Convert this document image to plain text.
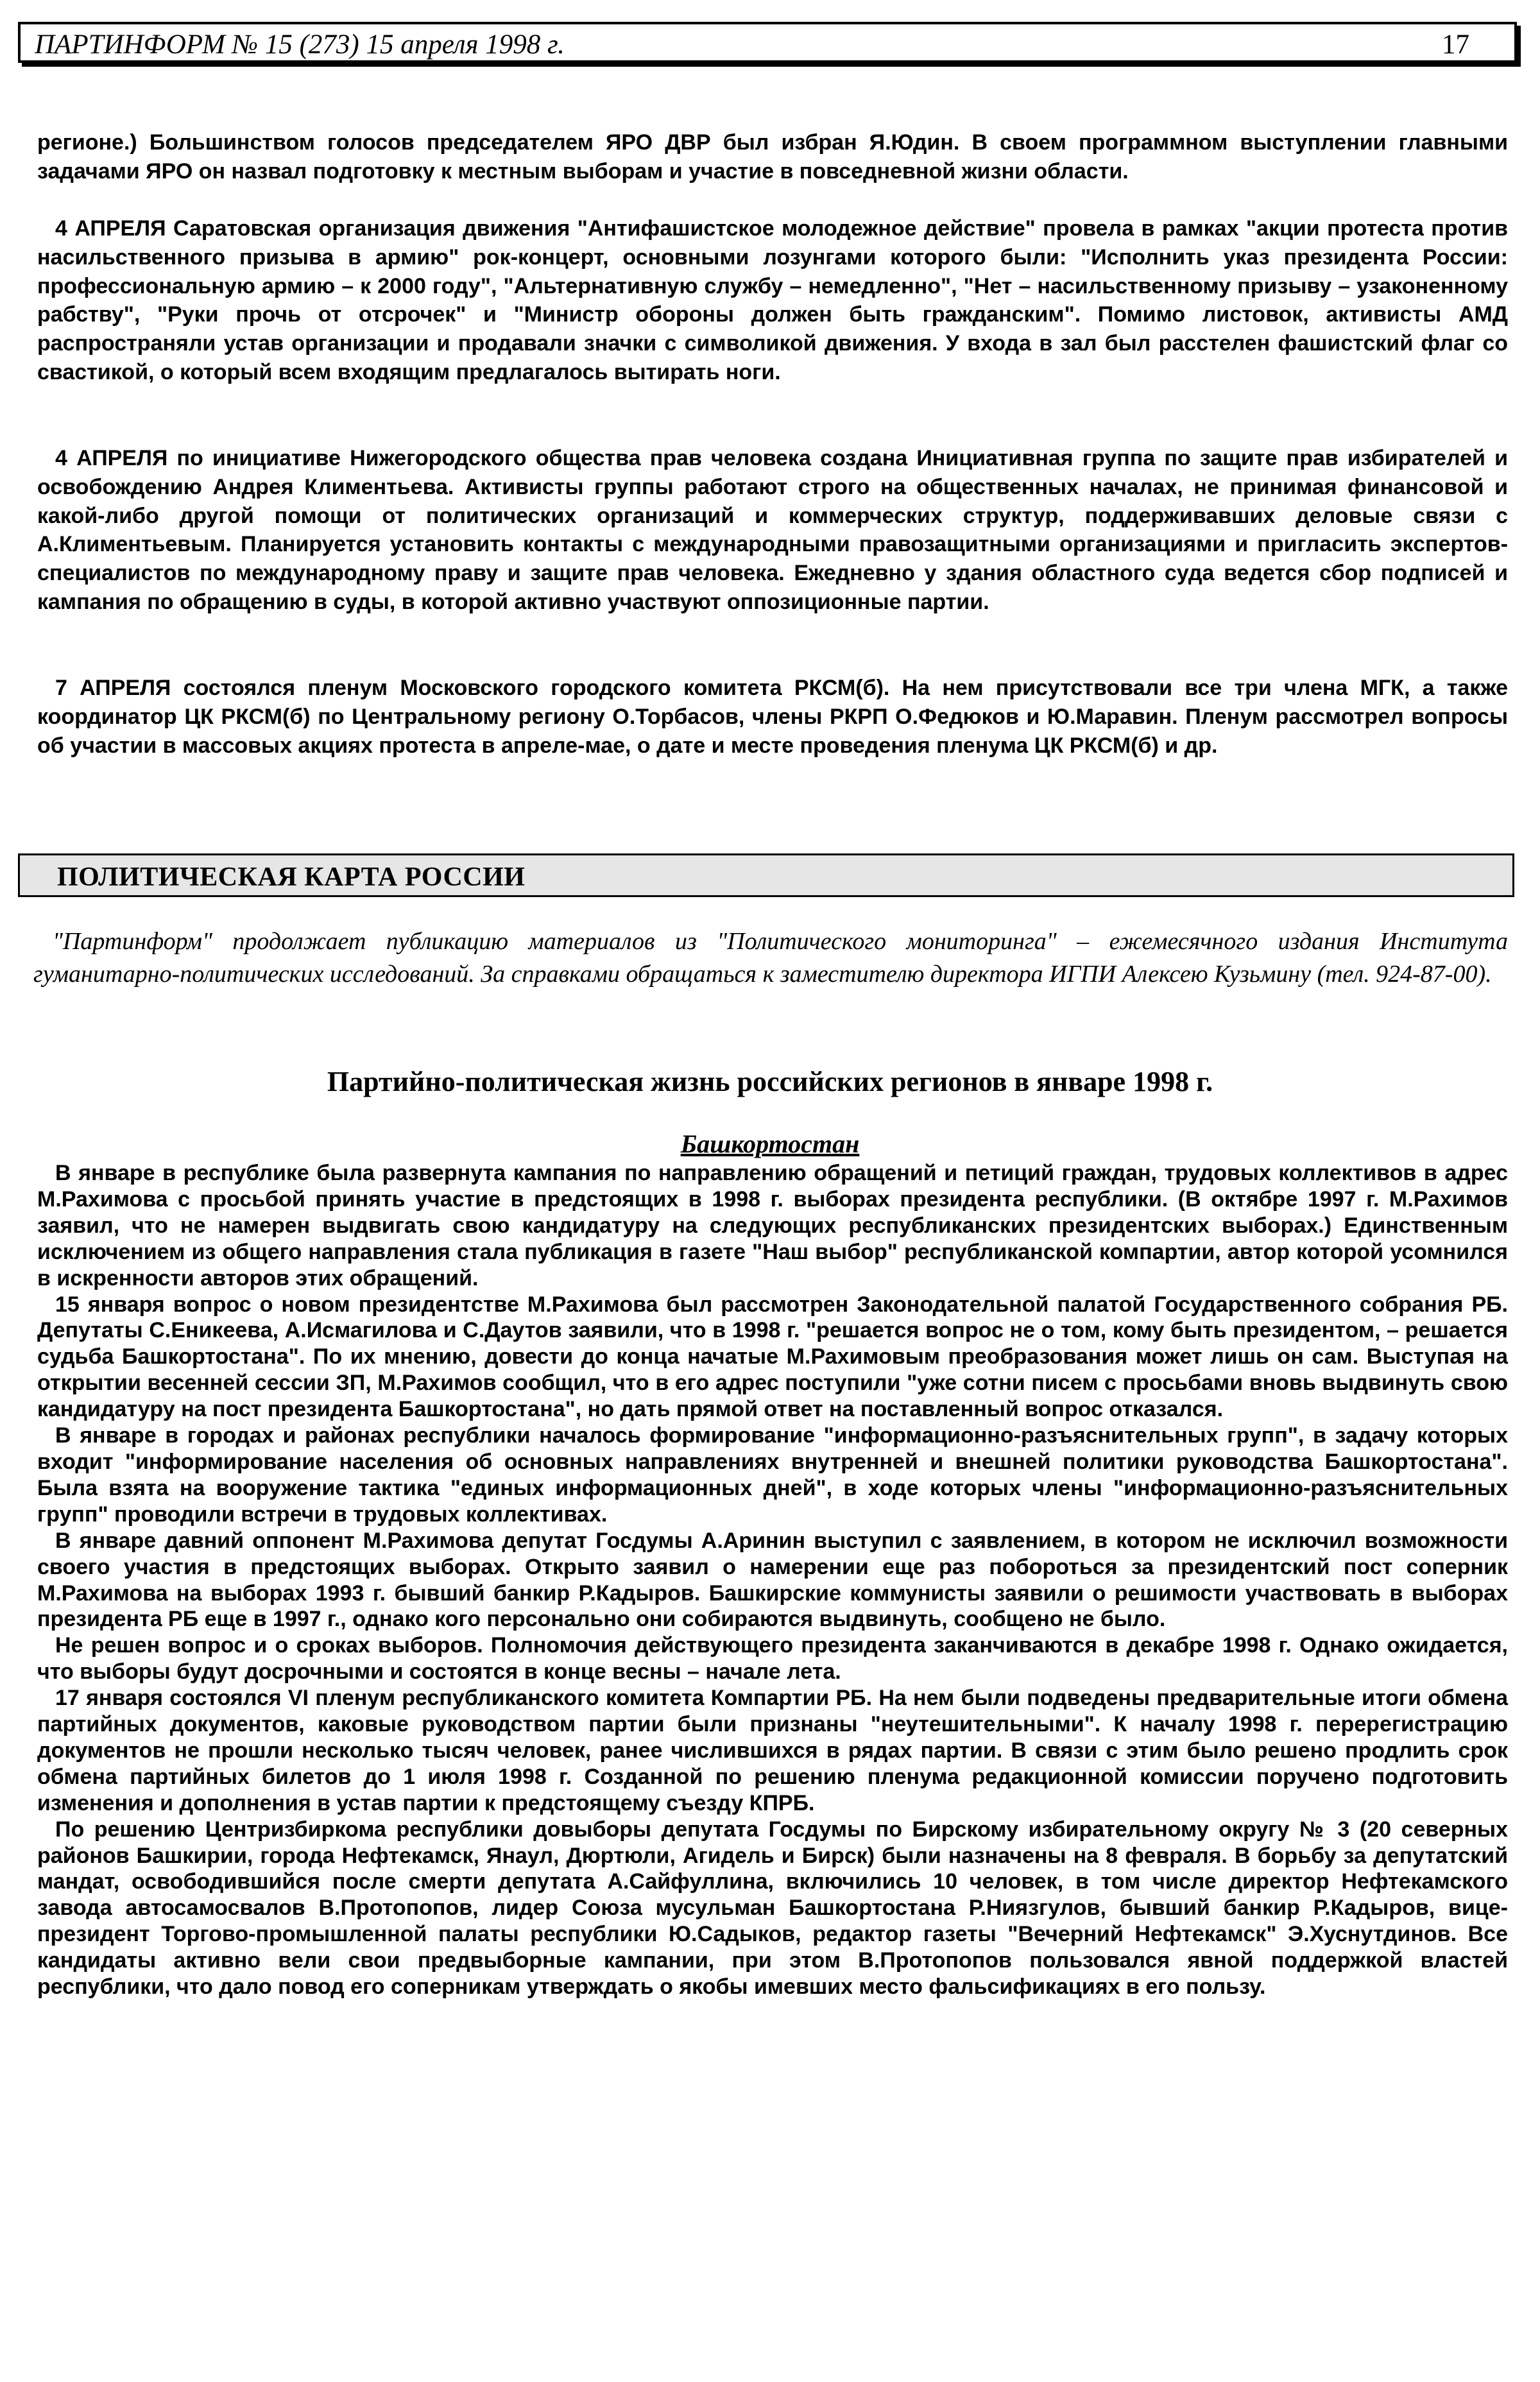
ПАРТИНФОРМ № 15 (273) 15 апреля 1998 г.	17

регионе.) Большинством голосов председателем ЯРО ДВР был избран Я.Юдин. В своем программном выступлении главными задачами ЯРО он назвал подготовку к местным выборам и участие в повседневной жизни области.

4 АПРЕЛЯ Саратовская организация движения "Антифашистское молодежное действие" провела в рамках "акции протеста против насильственного призыва в армию" рок-концерт, основными лозунгами которого были: "Исполнить указ президента России: профессиональную армию – к 2000 году", "Альтернативную службу – немедленно", "Нет – насильственному призыву – узаконенному рабству", "Руки прочь от отсрочек" и "Министр обороны должен быть гражданским". Помимо листовок, активисты АМД распространяли устав организации и продавали значки с символикой движения. У входа в зал был расстелен фашистский флаг со свастикой, о который всем входящим предлагалось вытирать ноги.

4 АПРЕЛЯ по инициативе Нижегородского общества прав человека создана Инициативная группа по защите прав избирателей и освобождению Андрея Климентьева. Активисты группы работают строго на общественных началах, не принимая финансовой и какой-либо другой помощи от политических организаций и коммерческих структур, поддерживавших деловые связи с А.Климентьевым. Планируется установить контакты с международными правозащитными организациями и пригласить экспертов-специалистов по международному праву и защите прав человека. Ежедневно у здания областного суда ведется сбор подписей и кампания по обращению в суды, в которой активно участвуют оппозиционные партии.

7 АПРЕЛЯ состоялся пленум Московского городского комитета РКСМ(б). На нем присутствовали все три члена МГК, а также координатор ЦК РКСМ(б) по Центральному региону О.Торбасов, члены РКРП О.Федюков и Ю.Маравин. Пленум рассмотрел вопросы об участии в массовых акциях протеста в апреле-мае, о дате и месте проведения пленума ЦК РКСМ(б) и др.

ПОЛИТИЧЕСКАЯ КАРТА РОССИИ

"Партинформ" продолжает публикацию материалов из "Политического мониторинга" – ежемесячного издания Института гуманитарно-политических исследований. За справками обращаться к заместителю директора ИГПИ Алексею Кузьмину (тел. 924-87-00).

Партийно-политическая жизнь российских регионов в январе 1998 г.
Башкортостан

В январе в республике была развернута кампания по направлению обращений и петиций граждан, трудовых коллективов в адрес М.Рахимова с просьбой принять участие в предстоящих в 1998 г. выборах президента республики. (В октябре 1997 г. М.Рахимов заявил, что не намерен выдвигать свою кандидатуру на следующих республиканских президентских выборах.) Единственным исключением из общего направления стала публикация в газете "Наш выбор" республиканской компартии, автор которой усомнился в искренности авторов этих обращений.

15 января вопрос о новом президентстве М.Рахимова был рассмотрен Законодательной палатой Государственного собрания РБ. Депутаты С.Еникеева, А.Исмагилова и С.Даутов заявили, что в 1998 г. "решается вопрос не о том, кому быть президентом, – решается судьба Башкортостана". По их мнению, довести до конца начатые М.Рахимовым преобразования может лишь он сам. Выступая на открытии весенней сессии ЗП, М.Рахимов сообщил, что в его адрес поступили "уже сотни писем с просьбами вновь выдвинуть свою кандидатуру на пост президента Башкортостана", но дать прямой ответ на поставленный вопрос отказался.

В январе в городах и районах республики началось формирование "информационно-разъяснительных групп", в задачу которых входит "информирование населения об основных направлениях внутренней и внешней политики руководства Башкортостана". Была взята на вооружение тактика "единых информационных дней", в ходе которых члены "информационно-разъяснительных групп" проводили встречи в трудовых коллективах.

В январе давний оппонент М.Рахимова депутат Госдумы А.Аринин выступил с заявлением, в котором не исключил возможности своего участия в предстоящих выборах. Открыто заявил о намерении еще раз побороться за президентский пост соперник М.Рахимова на выборах 1993 г. бывший банкир Р.Кадыров. Башкирские коммунисты заявили о решимости участвовать в выборах президента РБ еще в 1997 г., однако кого персонально они собираются выдвинуть, сообщено не было.

Не решен вопрос и о сроках выборов. Полномочия действующего президента заканчиваются в декабре 1998 г. Однако ожидается, что выборы будут досрочными и состоятся в конце весны – начале лета.

17 января состоялся VI пленум республиканского комитета Компартии РБ. На нем были подведены предварительные итоги обмена партийных документов, каковые руководством партии были признаны "неутешительными". К началу 1998 г. перерегистрацию документов не прошли несколько тысяч человек, ранее числившихся в рядах партии. В связи с этим было решено продлить срок обмена партийных билетов до 1 июля 1998 г. Созданной по решению пленума редакционной комиссии поручено подготовить изменения и дополнения в устав партии к предстоящему съезду КПРБ.

По решению Центризбиркома республики довыборы депутата Госдумы по Бирскому избирательному округу № 3 (20 северных районов Башкирии, города Нефтекамск, Янаул, Дюртюли, Агидель и Бирск) были назначены на 8 февраля. В борьбу за депутатский мандат, освободившийся после смерти депутата А.Сайфуллина, включились 10 человек, в том числе директор Нефтекамского завода автосамосвалов В.Протопопов, лидер Союза мусульман Башкортостана Р.Ниязгулов, бывший банкир Р.Кадыров, вице-президент Торгово-промышленной палаты республики Ю.Садыков, редактор газеты "Вечерний Нефтекамск" Э.Хуснутдинов. Все кандидаты активно вели свои предвыборные кампании, при этом В.Протопопов пользовался явной поддержкой властей республики, что дало повод его соперникам утверждать о якобы имевших место фальсификациях в его пользу.
